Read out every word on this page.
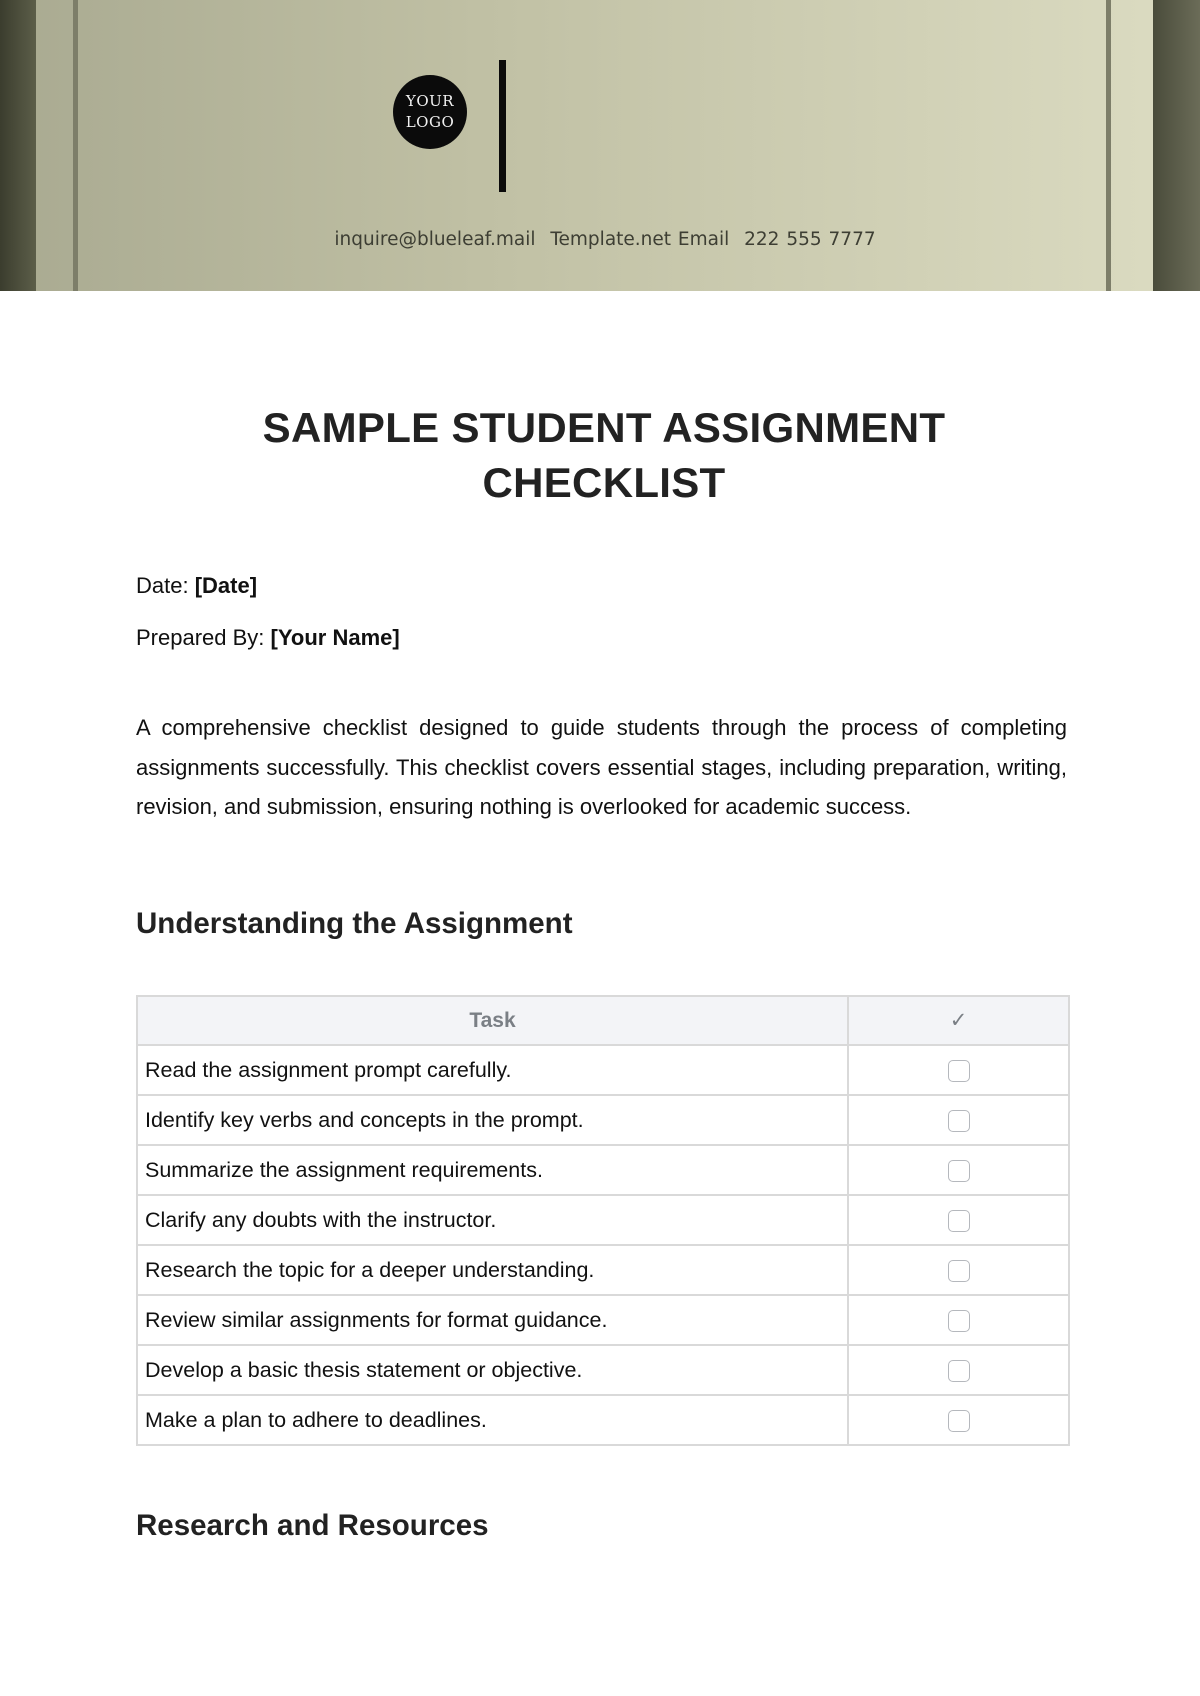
YOUR
LOGO
inquire@blueleaf.mail Template.net Email 222 555 7777
SAMPLE STUDENT ASSIGNMENT
CHECKLIST
Date: [Date]
Prepared By: [Your Name]

A comprehensive checklist designed to guide students through the process of completing assignments successfully. This checklist covers essential stages, including preparation, writing, revision, and submission, ensuring nothing is overlooked for academic success.

Understanding the Assignment
Task	✓
Read the assignment prompt carefully.	
Identify key verbs and concepts in the prompt.	
Summarize the assignment requirements.	
Clarify any doubts with the instructor.	
Research the topic for a deeper understanding.	
Review similar assignments for format guidance.	
Develop a basic thesis statement or objective.	
Make a plan to adhere to deadlines.	
Research and Resources
